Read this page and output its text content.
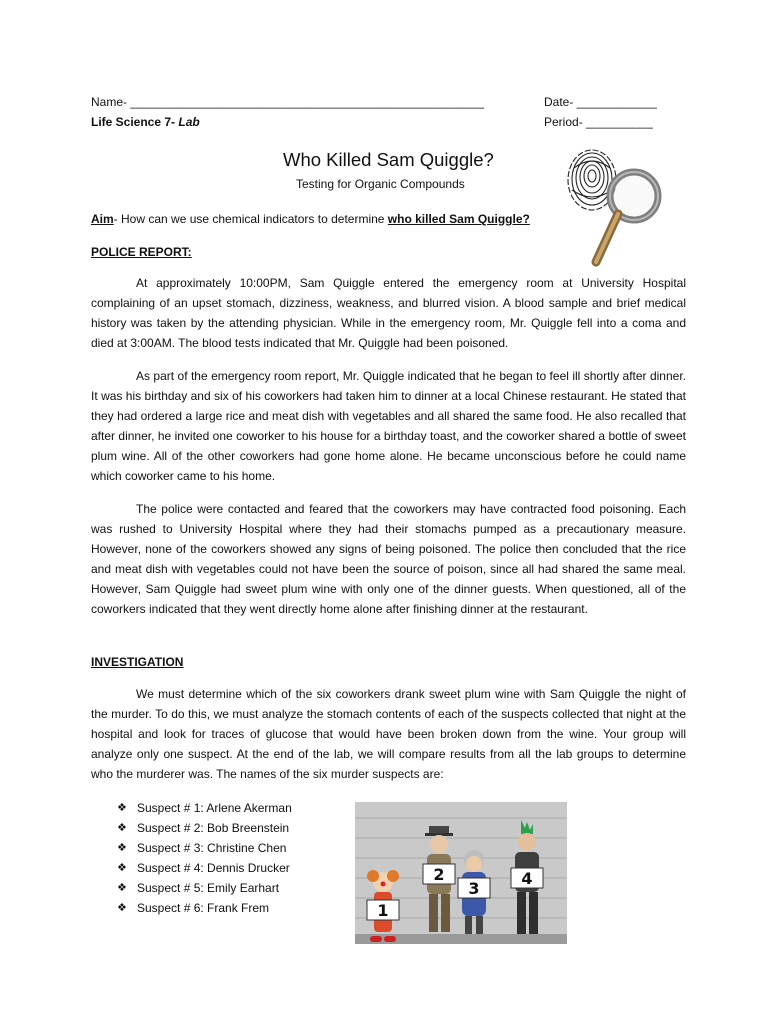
Name- _____________________________________________________	Date- ____________
Life Science 7- Lab	Period- __________
Who Killed Sam Quiggle?
Testing for Organic Compounds
Aim- How can we use chemical indicators to determine who killed Sam Quiggle?
POLICE REPORT:

At approximately 10:00PM, Sam Quiggle entered the emergency room at University Hospital complaining of an upset stomach, dizziness, weakness, and blurred vision. A blood sample and brief medical history was taken by the attending physician. While in the emergency room, Mr. Quiggle fell into a coma and died at 3:00AM. The blood tests indicated that Mr. Quiggle had been poisoned.

As part of the emergency room report, Mr. Quiggle indicated that he began to feel ill shortly after dinner. It was his birthday and six of his coworkers had taken him to dinner at a local Chinese restaurant. He stated that they had ordered a large rice and meat dish with vegetables and all shared the same food. He also recalled that after dinner, he invited one coworker to his house for a birthday toast, and the coworker shared a bottle of sweet plum wine. All of the other coworkers had gone home alone. He became unconscious before he could name which coworker came to his home.

The police were contacted and feared that the coworkers may have contracted food poisoning. Each was rushed to University Hospital where they had their stomachs pumped as a precautionary measure. However, none of the coworkers showed any signs of being poisoned. The police then concluded that the rice and meat dish with vegetables could not have been the source of poison, since all had shared the same meal. However, Sam Quiggle had sweet plum wine with only one of the dinner guests. When questioned, all of the coworkers indicated that they went directly home alone after finishing dinner at the restaurant.

INVESTIGATION

We must determine which of the six coworkers drank sweet plum wine with Sam Quiggle the night of the murder. To do this, we must analyze the stomach contents of each of the suspects collected that night at the hospital and look for traces of glucose that would have been broken down from the wine. Your group will analyze only one suspect. At the end of the lab, we will compare results from all the lab groups to determine who the murderer was. The names of the six murder suspects are:

❖ Suspect # 1: Arlene Akerman
❖ Suspect # 2: Bob Breenstein
❖ Suspect # 3: Christine Chen
❖ Suspect # 4: Dennis Drucker
❖ Suspect # 5: Emily Earhart
❖ Suspect # 6: Frank Frem	1
2
3
4
